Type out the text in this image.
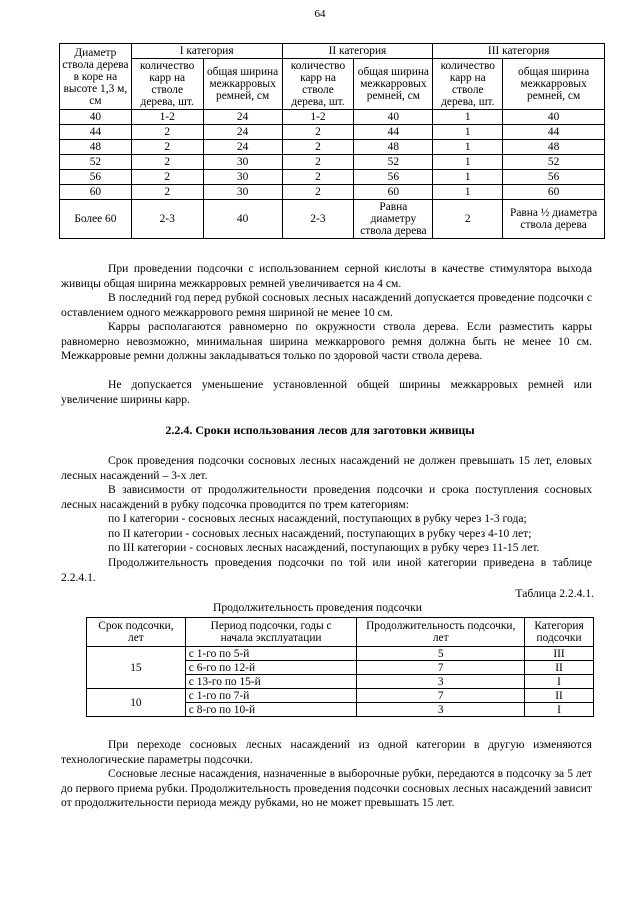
64
Диаметр ствола дерева в коре на высоте 1,3 м, см	I категория		II категория		III категория	
	количество карр на стволе дерева, шт.	общая ширина межкарровых ремней, см	количество карр на стволе дерева, шт.	общая ширина межкарровых ремней, см	количество карр на стволе дерева, шт.	общая ширина межкарровых ремней, см
40	1-2	24	1-2	40	1	40
44	2	24	2	44	1	44
48	2	24	2	48	1	48
52	2	30	2	52	1	52
56	2	30	2	56	1	56
60	2	30	2	60	1	60
Более 60	2-3	40	2-3	Равна диаметру ствола дерева	2	Равна ½ диаметра ствола дерева

При проведении подсочки с использованием серной кислоты в качестве стимулятора выхода живицы общая ширина межкарровых ремней увеличивается на 4 см.

В последний год перед рубкой сосновых лесных насаждений допускается проведение подсочки с оставлением одного межкаррового ремня шириной не менее 10 см.

Карры располагаются равномерно по окружности ствола дерева. Если разместить карры равномерно невозможно, минимальная ширина межкаррового ремня должна быть не менее 10 см. Межкарровые ремни должны закладываться только по здоровой части ствола дерева.

Не допускается уменьшение установленной общей ширины межкарровых ремней или увеличение ширины карр.

2.2.4. Сроки использования лесов для заготовки живицы

Срок проведения подсочки сосновых лесных насаждений не должен превышать 15 лет, еловых лесных насаждений – 3-х лет.

В зависимости от продолжительности проведения подсочки и срока поступления сосновых лесных насаждений в рубку подсочка проводится по трем категориям:

по I категории - сосновых лесных насаждений, поступающих в рубку через 1-3 года;

по II категории - сосновых лесных насаждений, поступающих в рубку через 4-10 лет;

по III категории - сосновых лесных насаждений, поступающих в рубку через 11-15 лет.

Продолжительность проведения подсочки по той или иной категории приведена в таблице 2.2.4.1.

Таблица 2.2.4.1.

Продолжительность проведения подсочки

Срок подсочки, лет	Период подсочки, годы с начала эксплуатации	Продолжительность подсочки, лет	Категория подсочки
15	с 1-го по 5-й	5	III
	с 6-го по 12-й	7	II
	с 13-го по 15-й	3	I
10	с 1-го по 7-й	7	II
	с 8-го по 10-й	3	I

При переходе сосновых лесных насаждений из одной категории в другую изменяются технологические параметры подсочки.

Сосновые лесные насаждения, назначенные в выборочные рубки, передаются в подсочку за 5 лет до первого приема рубки. Продолжительность проведения подсочки сосновых лесных насаждений зависит от продолжительности периода между рубками, но не может превышать 15 лет.
